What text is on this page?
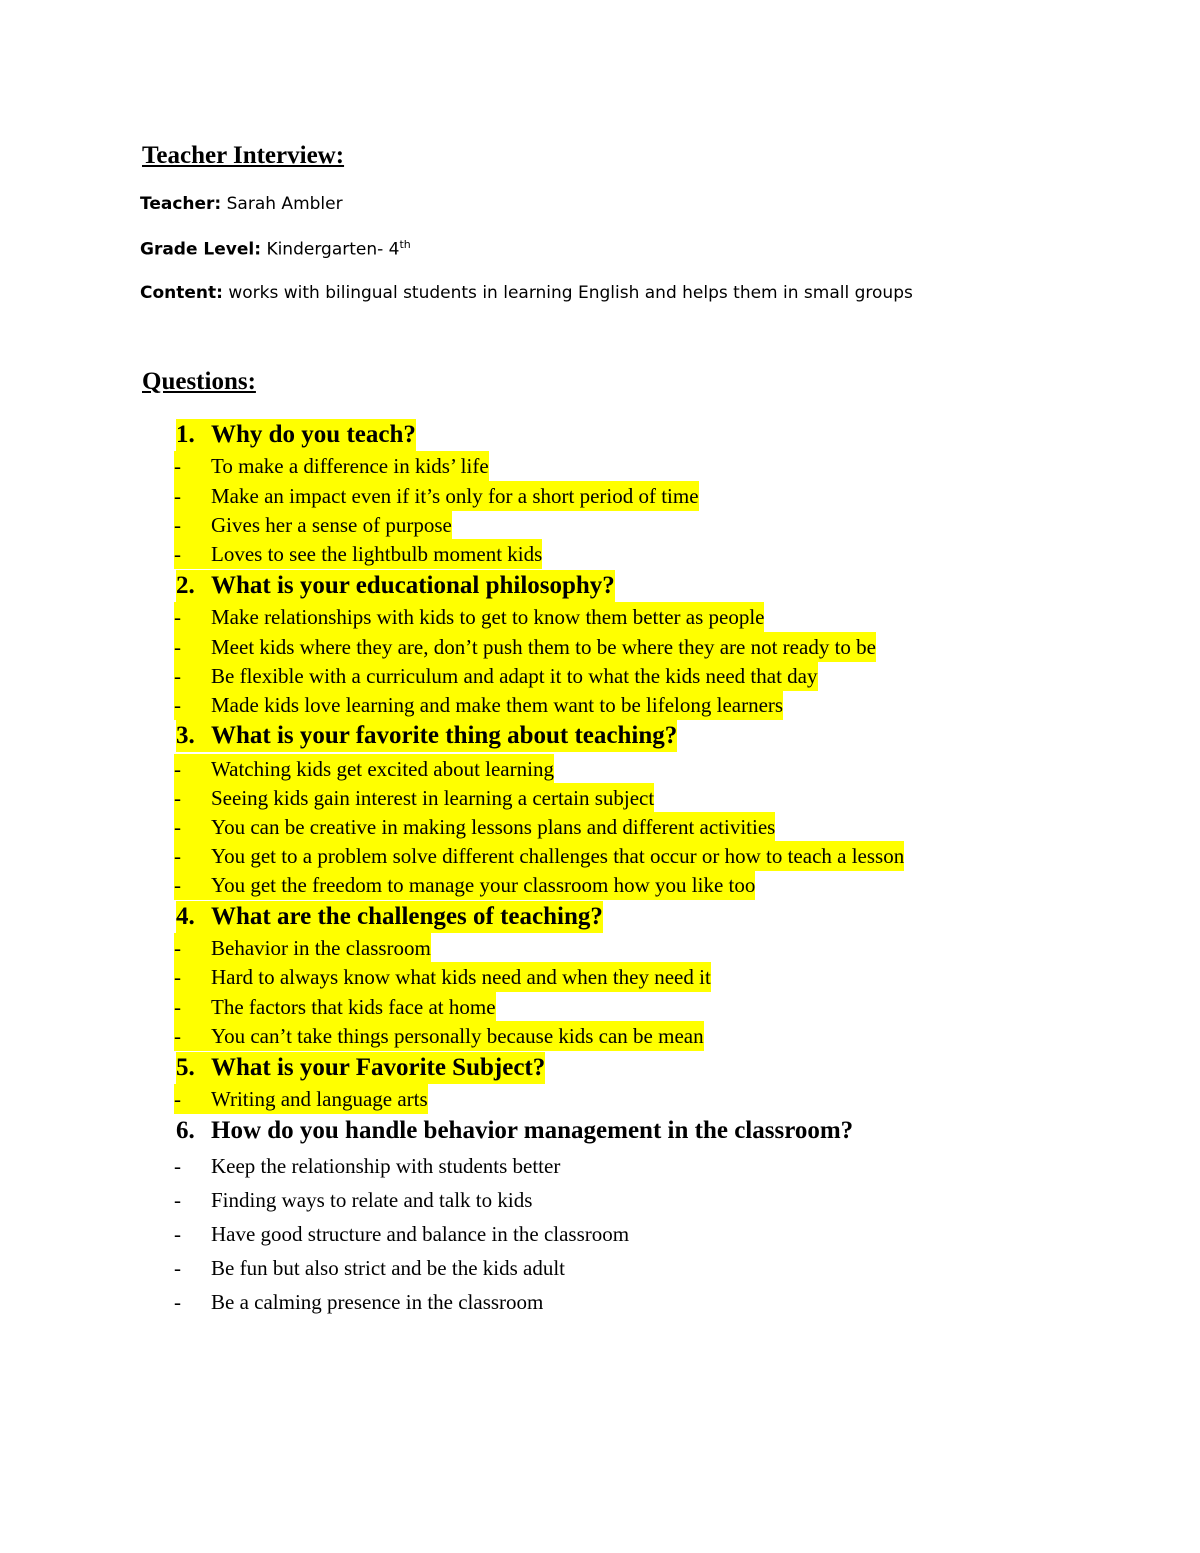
Teacher Interview:

Teacher: Sarah Ambler

Grade Level: Kindergarten- 4th

Content: works with bilingual students in learning English and helps them in small groups

Questions:
1. Why do you teach?
- To make a difference in kids’ life
- Make an impact even if it’s only for a short period of time
- Gives her a sense of purpose
- Loves to see the lightbulb moment kids
2. What is your educational philosophy?
- Make relationships with kids to get to know them better as people
- Meet kids where they are, don’t push them to be where they are not ready to be
- Be flexible with a curriculum and adapt it to what the kids need that day
- Made kids love learning and make them want to be lifelong learners
3. What is your favorite thing about teaching?
- Watching kids get excited about learning
- Seeing kids gain interest in learning a certain subject
- You can be creative in making lessons plans and different activities
- You get to a problem solve different challenges that occur or how to teach a lesson
- You get the freedom to manage your classroom how you like too
4. What are the challenges of teaching?
- Behavior in the classroom
- Hard to always know what kids need and when they need it
- The factors that kids face at home
- You can’t take things personally because kids can be mean
5. What is your Favorite Subject?
- Writing and language arts
6. How do you handle behavior management in the classroom?
- Keep the relationship with students better
- Finding ways to relate and talk to kids
- Have good structure and balance in the classroom
- Be fun but also strict and be the kids adult
- Be a calming presence in the classroom
